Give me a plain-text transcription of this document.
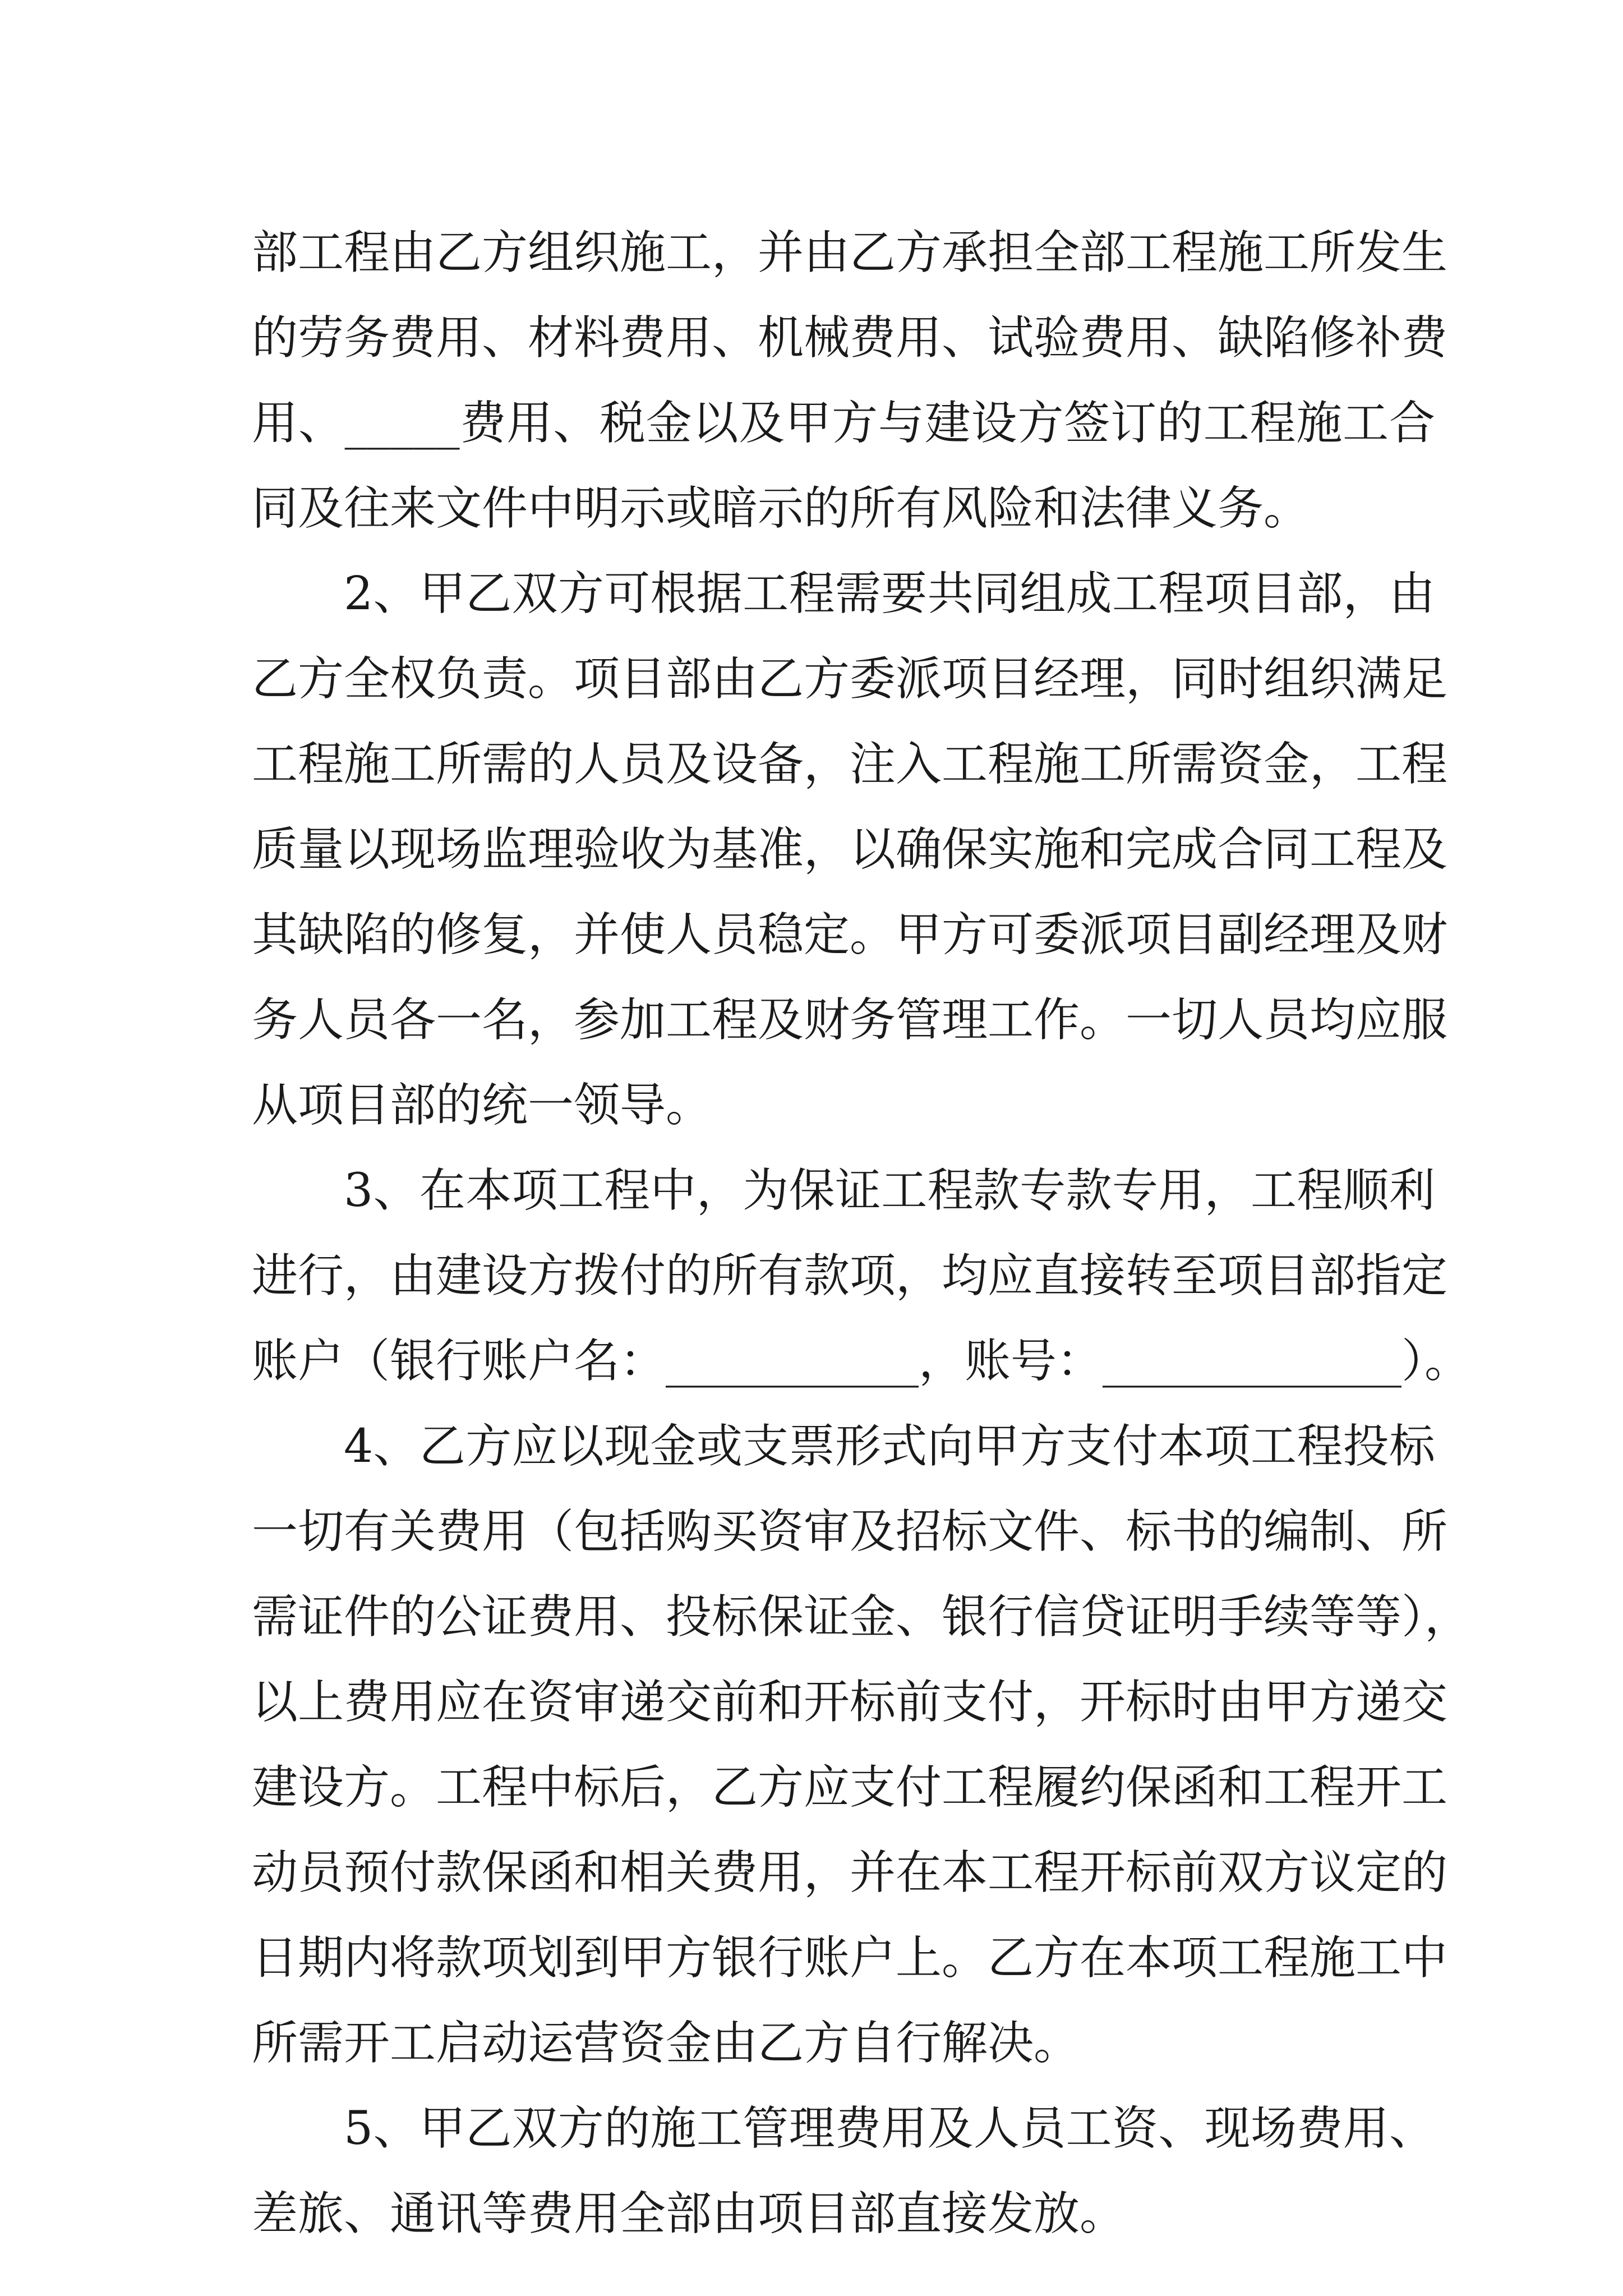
部工程由乙方组织施工，并由乙方承担全部工程施工所发生
的劳务费用、材料费用、机械费用、试验费用、缺陷修补费
用、_____费用、税金以及甲方与建设方签订的工程施工合
同及往来文件中明示或暗示的所有风险和法律义务。
2、甲乙双方可根据工程需要共同组成工程项目部，由
乙方全权负责。项目部由乙方委派项目经理，同时组织满足
工程施工所需的人员及设备，注入工程施工所需资金，工程
质量以现场监理验收为基准，以确保实施和完成合同工程及
其缺陷的修复，并使人员稳定。甲方可委派项目副经理及财
务人员各一名，参加工程及财务管理工作。一切人员均应服
从项目部的统一领导。
3、在本项工程中，为保证工程款专款专用，工程顺利
进行，由建设方拨付的所有款项，均应直接转至项目部指定
账户（银行账户名：___________，账号：_____________）。
4、乙方应以现金或支票形式向甲方支付本项工程投标
一切有关费用（包括购买资审及招标文件、标书的编制、所
需证件的公证费用、投标保证金、银行信贷证明手续等等），
以上费用应在资审递交前和开标前支付，开标时由甲方递交
建设方。工程中标后，乙方应支付工程履约保函和工程开工
动员预付款保函和相关费用，并在本工程开标前双方议定的
日期内将款项划到甲方银行账户上。乙方在本项工程施工中
所需开工启动运营资金由乙方自行解决。
5、甲乙双方的施工管理费用及人员工资、现场费用、
差旅、通讯等费用全部由项目部直接发放。
